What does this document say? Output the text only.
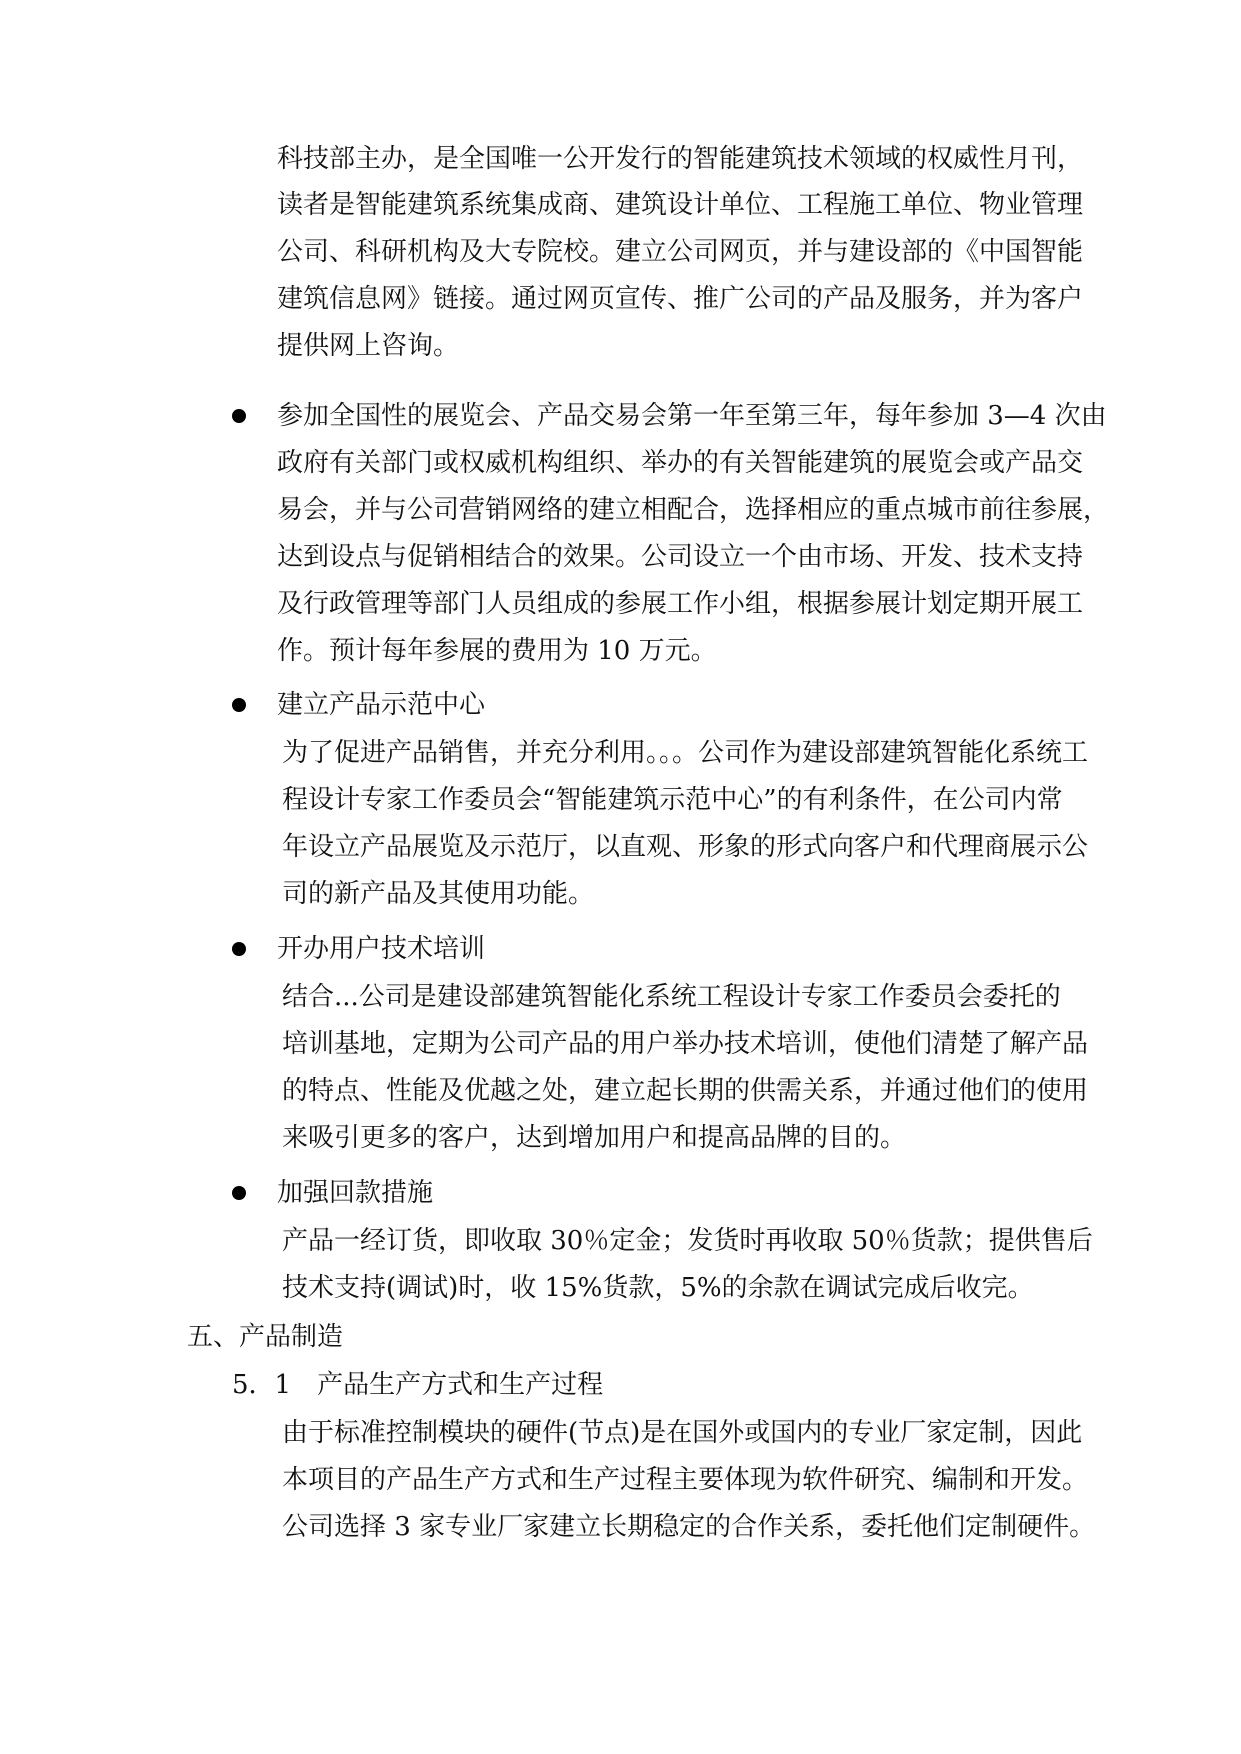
科技部主办，是全国唯一公开发行的智能建筑技术领域的权威性月刊，
读者是智能建筑系统集成商、建筑设计单位、工程施工单位、物业管理
公司、科研机构及大专院校。建立公司网页，并与建设部的《中国智能
建筑信息网》链接。通过网页宣传、推广公司的产品及服务，并为客户
提供网上咨询。
参加全国性的展览会、产品交易会第一年至第三年，每年参加 3—4 次由
政府有关部门或权威机构组织、举办的有关智能建筑的展览会或产品交
易会，并与公司营销网络的建立相配合，选择相应的重点城市前往参展，
达到设点与促销相结合的效果。公司设立一个由市场、开发、技术支持
及行政管理等部门人员组成的参展工作小组，根据参展计划定期开展工
作。预计每年参展的费用为 10 万元。
建立产品示范中心
为了促进产品销售，并充分利用。。。公司作为建设部建筑智能化系统工
程设计专家工作委员会“智能建筑示范中心”的有利条件，在公司内常
年设立产品展览及示范厅，以直观、形象的形式向客户和代理商展示公
司的新产品及其使用功能。
开办用户技术培训
结合...公司是建设部建筑智能化系统工程设计专家工作委员会委托的
培训基地，定期为公司产品的用户举办技术培训，使他们清楚了解产品
的特点、性能及优越之处，建立起长期的供需关系，并通过他们的使用
来吸引更多的客户，达到增加用户和提高品牌的目的。
加强回款措施
产品一经订货，即收取 30％定金；发货时再收取 50％货款；提供售后
技术支持(调试)时，收 15%货款，5%的余款在调试完成后收完。
五、产品制造
5．1　产品生产方式和生产过程
由于标准控制模块的硬件(节点)是在国外或国内的专业厂家定制，因此
本项目的产品生产方式和生产过程主要体现为软件研究、编制和开发。
公司选择 3 家专业厂家建立长期稳定的合作关系，委托他们定制硬件。
